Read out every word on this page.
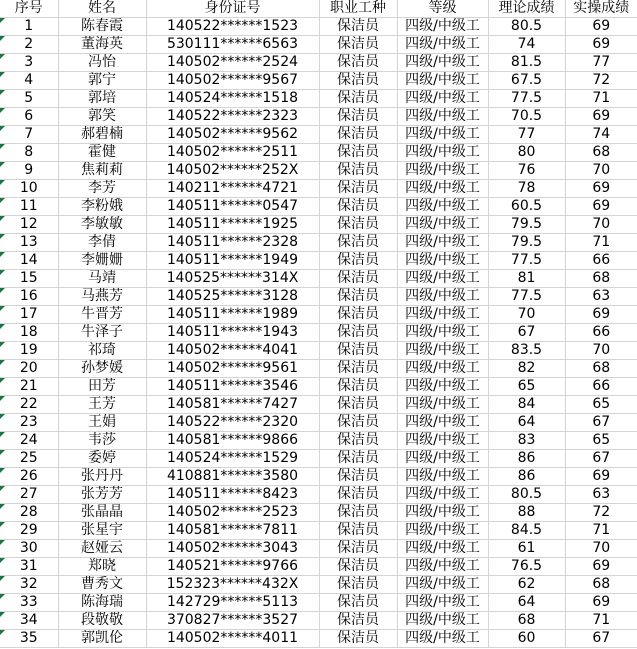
序号	姓名	身份证号	职业工种	等级	理论成绩	实操成绩

1	陈春霞	140522******1523	保洁员	四级/中级工	80.5	69

2	董海英	530111******6563	保洁员	四级/中级工	74	69

3	冯怡	140502******2524	保洁员	四级/中级工	81.5	77

4	郭宁	140502******9567	保洁员	四级/中级工	67.5	72

5	郭培	140524******1518	保洁员	四级/中级工	77.5	71

6	郭笑	140522******2323	保洁员	四级/中级工	70.5	69

7	郝碧楠	140502******9562	保洁员	四级/中级工	77	74

8	霍健	140502******2511	保洁员	四级/中级工	80	68

9	焦莉莉	140502******252X	保洁员	四级/中级工	76	70

10	李芳	140211******4721	保洁员	四级/中级工	78	69

11	李粉娥	140511******0547	保洁员	四级/中级工	60.5	69

12	李敏敏	140511******1925	保洁员	四级/中级工	79.5	70

13	李倩	140511******2328	保洁员	四级/中级工	79.5	71

14	李姗姗	140511******1949	保洁员	四级/中级工	77.5	66

15	马靖	140525******314X	保洁员	四级/中级工	81	68

16	马燕芳	140525******3128	保洁员	四级/中级工	77.5	63

17	牛晋芳	140511******1989	保洁员	四级/中级工	70	69

18	牛泽子	140511******1943	保洁员	四级/中级工	67	66

19	祁琦	140502******4041	保洁员	四级/中级工	83.5	70

20	孙梦媛	140502******9561	保洁员	四级/中级工	82	68

21	田芳	140511******3546	保洁员	四级/中级工	65	66

22	王芳	140581******7427	保洁员	四级/中级工	84	65

23	王娟	140522******2320	保洁员	四级/中级工	64	67

24	韦莎	140581******9866	保洁员	四级/中级工	83	65

25	委婷	140524******1529	保洁员	四级/中级工	86	67

26	张丹丹	410881******3580	保洁员	四级/中级工	86	69

27	张芳芳	140511******8423	保洁员	四级/中级工	80.5	63

28	张晶晶	140502******2523	保洁员	四级/中级工	88	72

29	张星宇	140581******7811	保洁员	四级/中级工	84.5	71

30	赵娅云	140502******3043	保洁员	四级/中级工	61	70

31	郑晓	140521******9766	保洁员	四级/中级工	76.5	69

32	曹秀文	152323******432X	保洁员	四级/中级工	62	68

33	陈海瑞	142729******5113	保洁员	四级/中级工	64	69

34	段敬敬	370827******3527	保洁员	四级/中级工	68	71

35	郭凯伦	140502******4011	保洁员	四级/中级工	60	67
